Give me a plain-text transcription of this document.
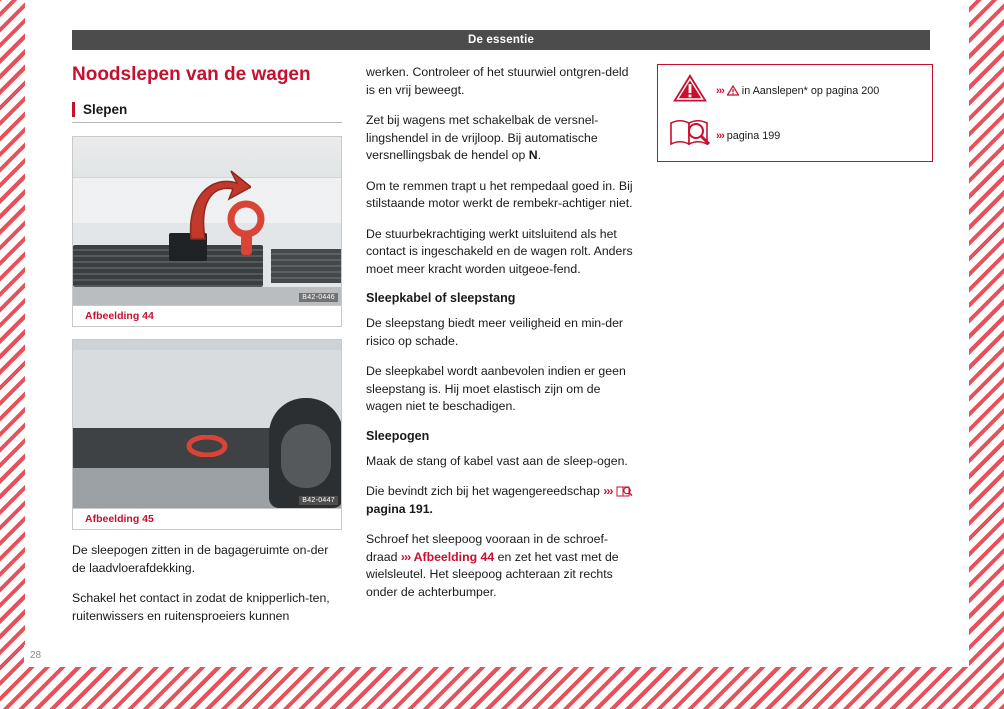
De essentie
Noodslepen van de wagen
Slepen
B42-0446
Afbeelding 44
B42-0447
Afbeelding 45

De sleepogen zitten in de bagageruimte on-der de laadvloerafdekking.

Schakel het contact in zodat de knipperlich-ten, ruitenwissers en ruitensproeiers kunnen

werken. Controleer of het stuurwiel ontgren-deld is en vrij beweegt.

Zet bij wagens met schakelbak de versnel-lingshendel in de vrijloop. Bij automatische versnellingsbak de hendel op N.

Om te remmen trapt u het rempedaal goed in. Bij stilstaande motor werkt de rembekr-achtiger niet.

De stuurbekrachtiging werkt uitsluitend als het contact is ingeschakeld en de wagen rolt. Anders moet meer kracht worden uitgeoe-fend.

Sleepkabel of sleepstang

De sleepstang biedt meer veiligheid en min-der risico op schade.

De sleepkabel wordt aanbevolen indien er geen sleepstang is. Hij moet elastisch zijn om de wagen niet te beschadigen.

Sleepogen

Maak de stang of kabel vast aan de sleep-ogen.

Die bevindt zich bij het wagengereedschap ›››  pagina 191.

Schroef het sleepoog vooraan in de schroef-draad ››› Afbeelding 44 en zet het vast met de wielsleutel. Het sleepoog achteraan zit rechts onder de achterbumper.

››› in Aanslepen* op pagina 200
››› pagina 199
28
